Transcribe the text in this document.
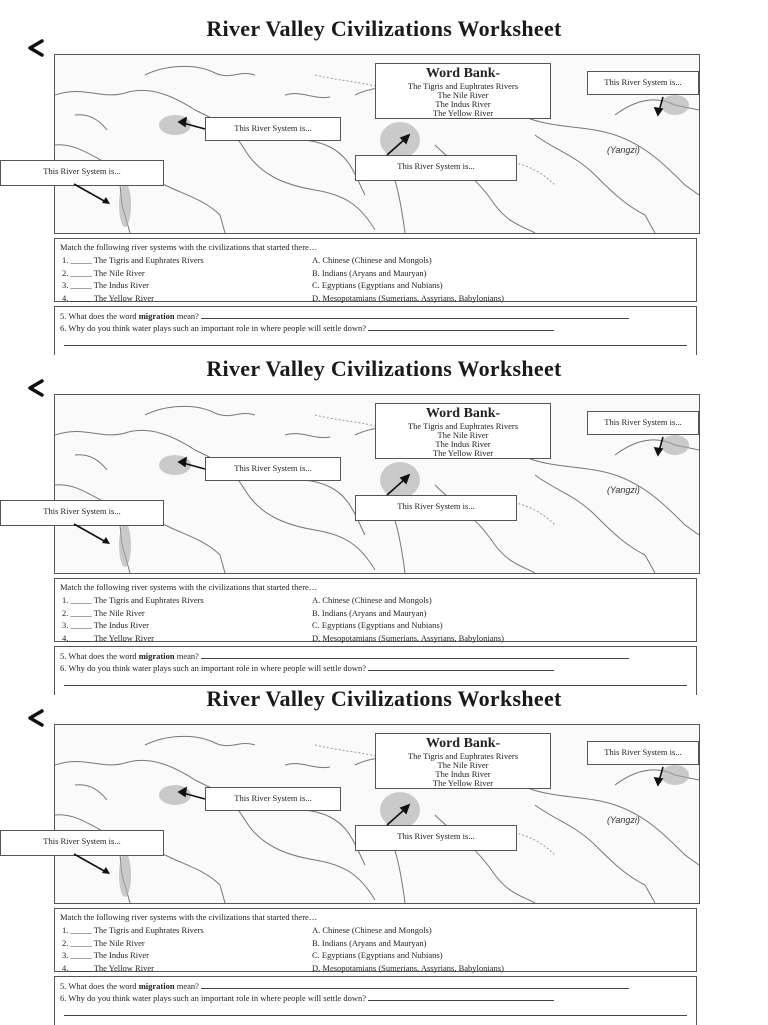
River Valley Civilizations Worksheet
This River System is...
This River System is...
This River System is...
(Yangzi)
Word Bank-
The Tigris and Euphrates Rivers
The Nile River
The Indus River
The Yellow River
This River System is...
Match the following river systems with the civilizations that started there…
1. _____ The Tigris and Euphrates Rivers	A. Chinese (Chinese and Mongols)
2. _____ The Nile River	B. Indians (Aryans and Mauryan)
3. _____ The Indus River	C. Egyptians (Egyptians and Nubians)
4. _____ The Yellow River	D. Mesopotamians (Sumerians, Assyrians, Babylonians)
5. What does the word migration mean?
6. Why do you think water plays such an important role in where people will settle down?
River Valley Civilizations Worksheet
This River System is...
This River System is...
This River System is...
(Yangzi)
Word Bank-
The Tigris and Euphrates Rivers
The Nile River
The Indus River
The Yellow River
This River System is...
Match the following river systems with the civilizations that started there…
1. _____ The Tigris and Euphrates Rivers	A. Chinese (Chinese and Mongols)
2. _____ The Nile River	B. Indians (Aryans and Mauryan)
3. _____ The Indus River	C. Egyptians (Egyptians and Nubians)
4. _____ The Yellow River	D. Mesopotamians (Sumerians, Assyrians, Babylonians)
5. What does the word migration mean?
6. Why do you think water plays such an important role in where people will settle down?
River Valley Civilizations Worksheet
This River System is...
This River System is...
This River System is...
(Yangzi)
Word Bank-
The Tigris and Euphrates Rivers
The Nile River
The Indus River
The Yellow River
This River System is...
Match the following river systems with the civilizations that started there…
1. _____ The Tigris and Euphrates Rivers	A. Chinese (Chinese and Mongols)
2. _____ The Nile River	B. Indians (Aryans and Mauryan)
3. _____ The Indus River	C. Egyptians (Egyptians and Nubians)
4. _____ The Yellow River	D. Mesopotamians (Sumerians, Assyrians, Babylonians)
5. What does the word migration mean?
6. Why do you think water plays such an important role in where people will settle down?
